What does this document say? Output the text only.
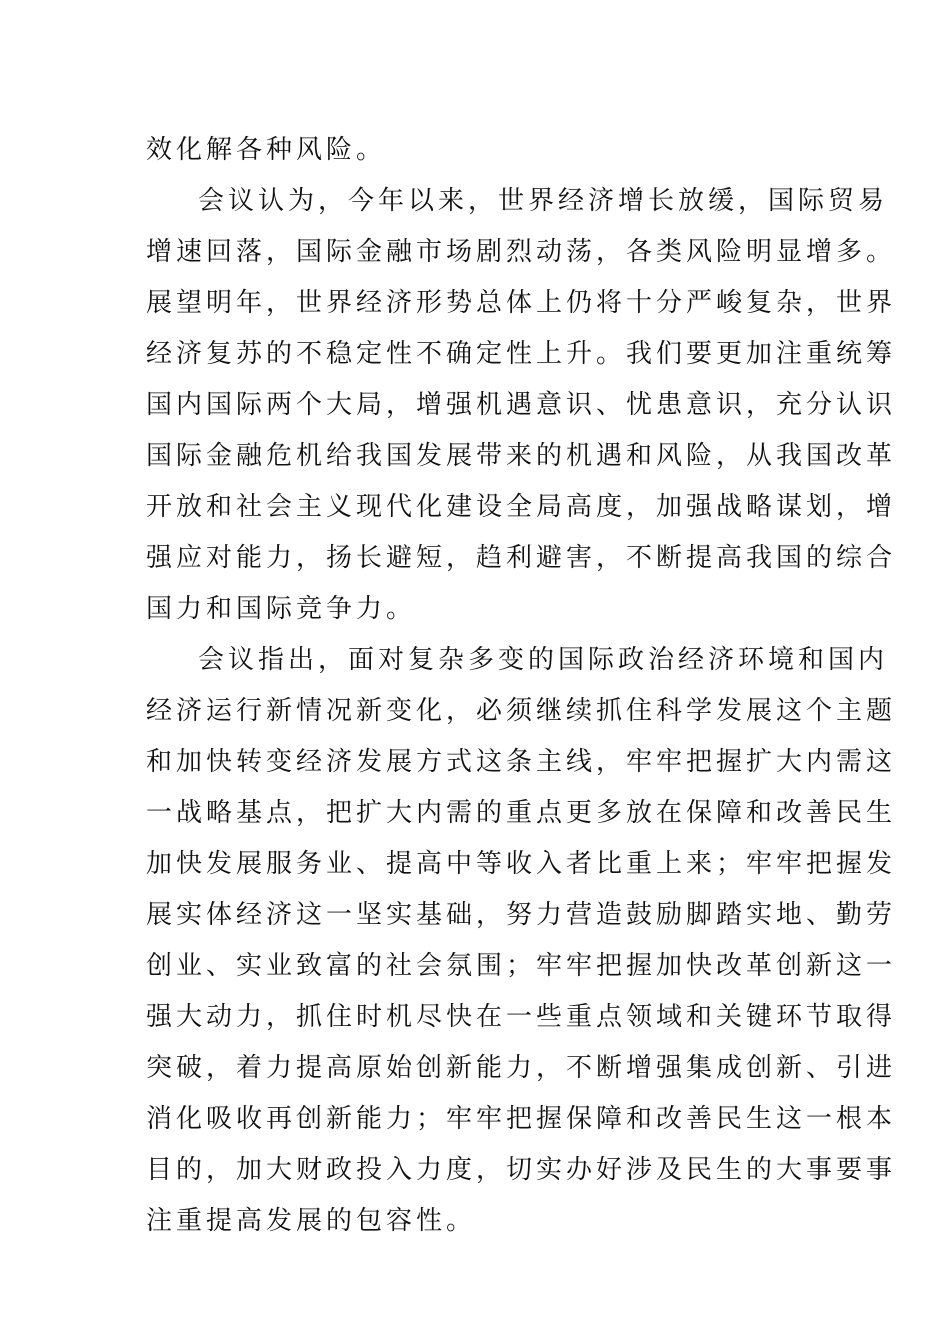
效化解各种风险。
会议认为，今年以来，世界经济增长放缓，国际贸易
增速回落，国际金融市场剧烈动荡，各类风险明显增多。
展望明年，世界经济形势总体上仍将十分严峻复杂，世界
经济复苏的不稳定性不确定性上升。我们要更加注重统筹
国内国际两个大局，增强机遇意识、忧患意识，充分认识
国际金融危机给我国发展带来的机遇和风险，从我国改革
开放和社会主义现代化建设全局高度，加强战略谋划，增
强应对能力，扬长避短，趋利避害，不断提高我国的综合
国力和国际竞争力。
会议指出，面对复杂多变的国际政治经济环境和国内
经济运行新情况新变化，必须继续抓住科学发展这个主题
和加快转变经济发展方式这条主线，牢牢把握扩大内需这
一战略基点，把扩大内需的重点更多放在保障和改善民生
加快发展服务业、提高中等收入者比重上来；牢牢把握发
展实体经济这一坚实基础，努力营造鼓励脚踏实地、勤劳
创业、实业致富的社会氛围；牢牢把握加快改革创新这一
强大动力，抓住时机尽快在一些重点领域和关键环节取得
突破，着力提高原始创新能力，不断增强集成创新、引进
消化吸收再创新能力；牢牢把握保障和改善民生这一根本
目的，加大财政投入力度，切实办好涉及民生的大事要事
注重提高发展的包容性。
